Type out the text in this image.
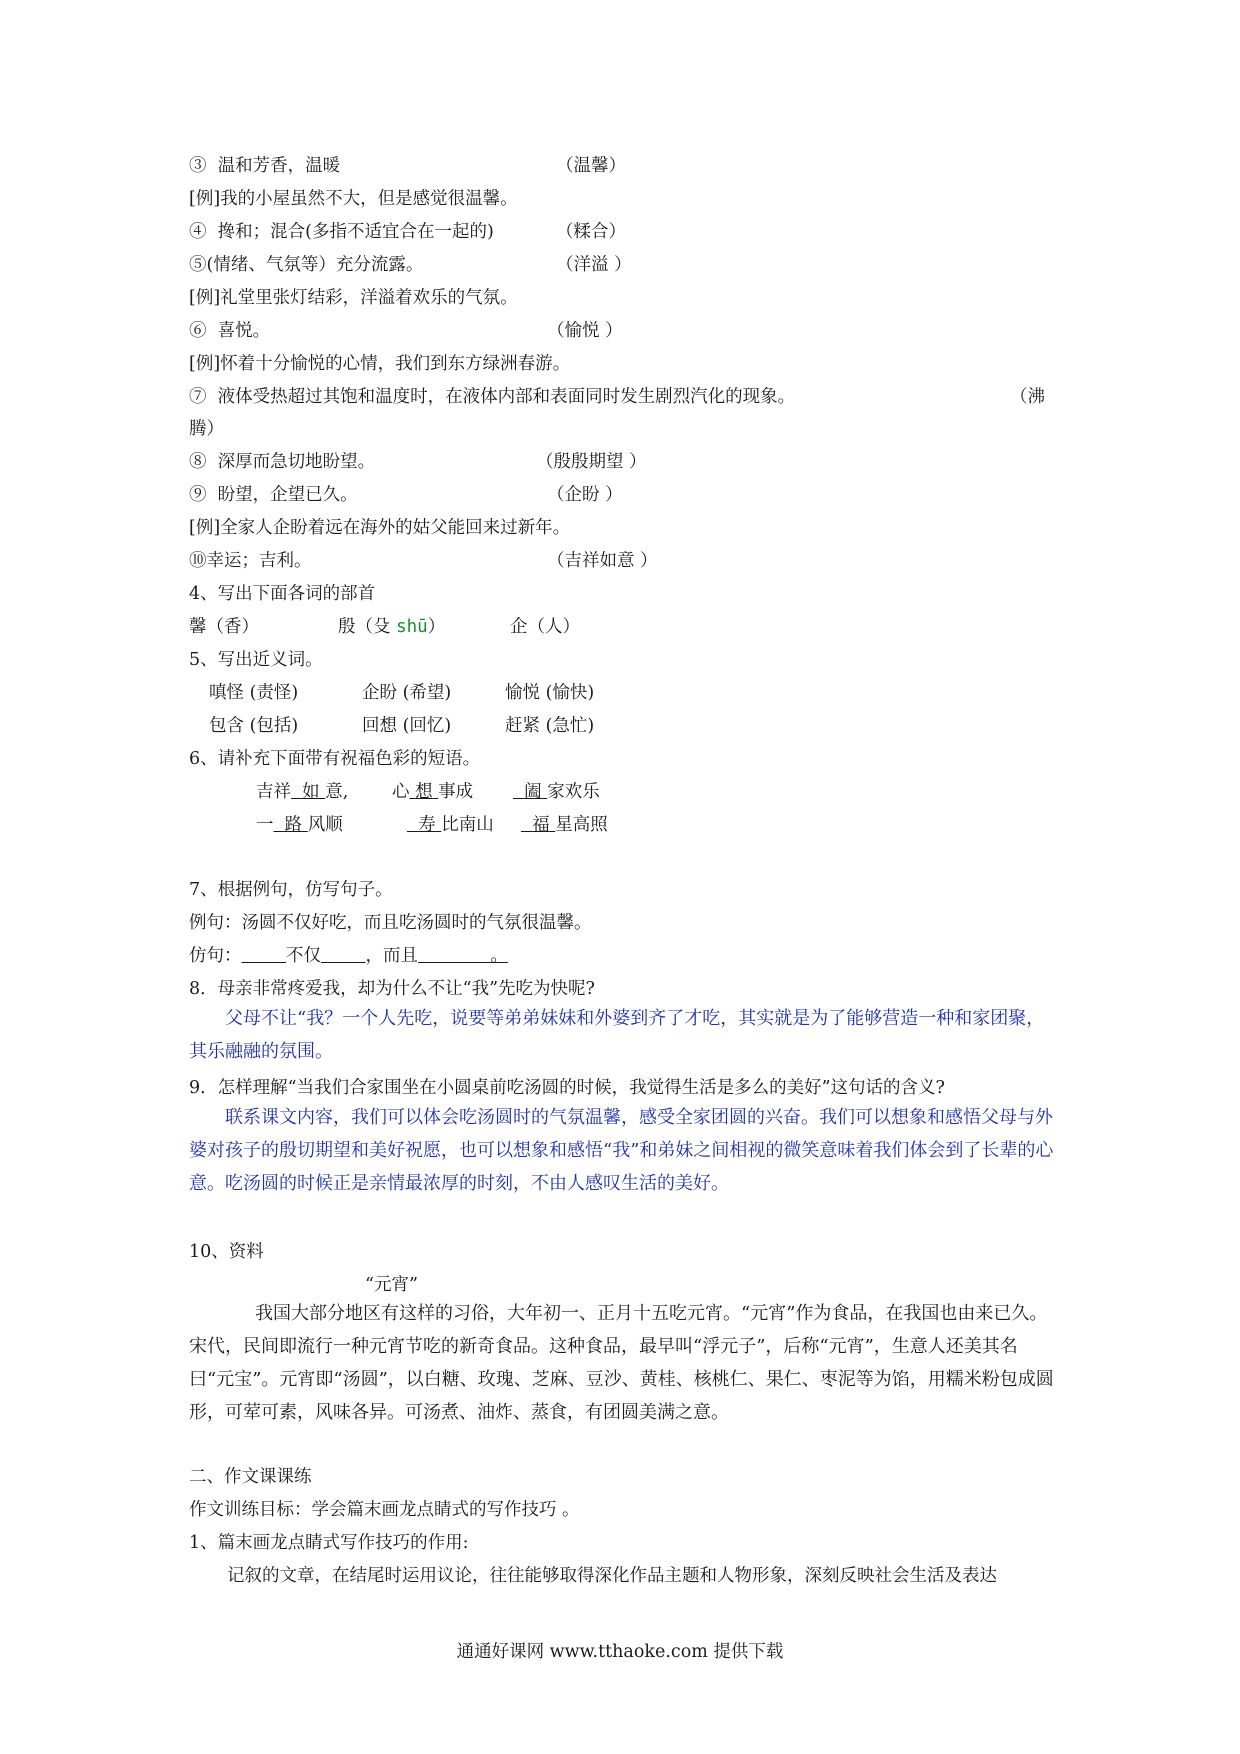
③ 温和芳香，温暖	（温馨）
[例]我的小屋虽然不大，但是感觉很温馨。
④ 搀和；混合(多指不适宜合在一起的)	（糅合）
⑤(情绪、气氛等）充分流露。	（洋溢 ）
[例]礼堂里张灯结彩，洋溢着欢乐的气氛。
⑥ 喜悦。	（愉悦 ）
[例]怀着十分愉悦的心情，我们到东方绿洲春游。
⑦ 液体受热超过其饱和温度时，在液体内部和表面同时发生剧烈汽化的现象。	（沸
腾）
⑧ 深厚而急切地盼望。	（殷殷期望 ）
⑨ 盼望，企望已久。	（企盼 ）
[例]全家人企盼着远在海外的姑父能回来过新年。
⑩幸运；吉利。	（吉祥如意 ）
4、写出下面各词的部首
馨（香）	殷（殳 shū）	企（人）
5、写出近义词。
嗔怪 (责怪)	企盼 (希望)	愉悦 (愉快)
包含 (包括)	回想 (回忆)	赶紧 (急忙)
6、请补充下面带有祝福色彩的短语。
吉祥 如 意, 心 想 事成	阖 家欢乐
一 路 风顺	寿 比南山	福 星高照
7、根据例句，仿写句子。
例句：汤圆不仅好吃，而且吃汤圆时的气氛很温馨。
仿句：	不仅	，而且	。
8．母亲非常疼爱我，却为什么不让“我”先吃为快呢?
父母不让“我？一个人先吃，说要等弟弟妹妹和外婆到齐了才吃，其实就是为了能够营造一种和家团聚，其乐融融的氛围。
9．怎样理解“当我们合家围坐在小圆桌前吃汤圆的时候，我觉得生活是多么的美好”这句话的含义?
联系课文内容，我们可以体会吃汤圆时的气氛温馨，感受全家团圆的兴奋。我们可以想象和感悟父母与外婆对孩子的殷切期望和美好祝愿，也可以想象和感悟“我”和弟妹之间相视的微笑意味着我们体会到了长辈的心意。吃汤圆的时候正是亲情最浓厚的时刻，不由人感叹生活的美好。
10、资料
“元宵”
我国大部分地区有这样的习俗，大年初一、正月十五吃元宵。“元宵”作为食品，在我国也由来已久。宋代，民间即流行一种元宵节吃的新奇食品。这种食品，最早叫“浮元子”，后称“元宵”，生意人还美其名曰“元宝”。元宵即“汤圆”，以白糖、玫瑰、芝麻、豆沙、黄桂、核桃仁、果仁、枣泥等为馅，用糯米粉包成圆形，可荤可素，风味各异。可汤煮、油炸、蒸食，有团圆美满之意。
二、作文课课练
作文训练目标：学会篇末画龙点睛式的写作技巧 。
1、篇末画龙点睛式写作技巧的作用:
记叙的文章，在结尾时运用议论，往往能够取得深化作品主题和人物形象，深刻反映社会生活及表达
通通好课网 www.tthaoke.com 提供下载
